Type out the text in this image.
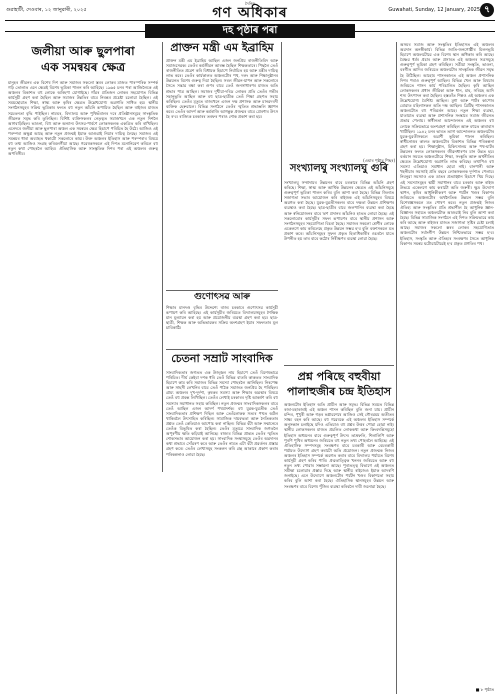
গুৱাহাটী, দেওবাৰ, ১২ জানুৱাৰী, ২০২৫
দৈনিক
গণ অধিকাৰ	Guwahati, Sunday, 12 January, 2025 ৭
দহ পৃষ্ঠাৰ পৰা
জলীয়া আৰু ছুলপাৰা
এক সমন্বয়ৰ ক্ষেত্ৰ
মানুহৰ জীৱনৰ এক বিশেষ দিশ আৰু সমাজৰ সকলো স্তৰৰ লোকৰ মাজত পাৰস্পৰিক সম্পৰ্ক গঢ়ি তোলাত এনে ক্ষেত্ৰই বিশেষ ভূমিকা পালন কৰি আহিছে। ১৯৬৫ চনৰ পৰা আজিলৈকে এই অঞ্চলৰ বিকাশত বহু লোকে অৰিহণা যোগাইছে। গাঁৱৰ প্ৰতিজন লোকৰ সহযোগত বিভিন্ন কাৰ্যসূচী গ্ৰহণ কৰা হৈছিল আৰু সমাজৰ উন্নতিৰ বাবে নিৰন্তৰ প্ৰচেষ্টা চলোৱা হৈছিল। এই সময়ছোৱাত শিক্ষা, স্বাস্থ্য আৰু কৃষিৰ ক্ষেত্ৰত উল্লেখযোগ্য অগ্ৰগতি সাধিত হয়। স্থানীয় সংগঠনসমূহৰ সক্ৰিয় ভূমিকাৰ ফলত বহু নতুন আঁচনি ৰূপায়িত হৈছিল আৰু ৰাইজৰ মাজত সচেতনতা বৃদ্ধি পাইছিল। নামঘৰ, বিদ্যালয় আৰু পুথিভঁৰালৰ দৰে প্ৰতিষ্ঠানসমূহে সাংস্কৃতিক জীৱনক সমৃদ্ধ কৰি তুলিছিল। বিশিষ্ট ব্যক্তিসকলৰ নেতৃত্বত সমাজখনে এক নতুন দিশলৈ আগবাঢ়িছিল। ভাওনা, বিহু আৰু অন্যান্য উৎসৱ-পাৰ্বণে লোকসকলক একত্ৰিত কৰি ৰাখিছিল। এনেদৰে জলীয়া আৰু ছুলপাৰা অঞ্চল এক সমন্বয়ৰ ক্ষেত্ৰ হিচাপে পৰিচিত হৈ উঠে। আজিও এই পৰম্পৰা অক্ষুণ্ণ আছে আৰু নতুন প্ৰজন্মই ইয়াক আগুৱাই নিয়াৰ দায়িত্ব লৈছে। সমাজৰ এই সমন্বয়ৰ ধাৰা অব্যাহত থকাটো সকলোৰে কাম্য। উক্ত অঞ্চলৰ ইতিহাস আৰু পৰম্পৰাৰ বিষয়ে বহু তথ্য আজিও সংগ্ৰহ কৰিবলগীয়া আছে। গৱেষকসকলে এই দিশত মনোনিৱেশ কৰিলে বহু নতুন কথা পোহৰলৈ আহিব। ঐতিহাসিক আৰু সাংস্কৃতিক দিশৰ পৰা এই অঞ্চলৰ গুৰুত্ব অপৰিসীম।
প্ৰাক্তন মন্ত্ৰী এম ইব্ৰাহিম
প্ৰাক্তন মন্ত্ৰী এম ইব্ৰাহিম আছিল এজন জনপ্ৰিয় ৰাজনীতিবিদ আৰু সমাজসেৱক। তেওঁৰ কৰ্মজীৱন আৰম্ভ হৈছিল শিক্ষকতাৰে। পিছলৈ তেওঁ ৰাজনীতিত প্ৰৱেশ কৰি বিধায়ক হিচাপে নিৰ্বাচিত হয় আৰু মন্ত্ৰীৰ দায়িত্ব লাভ কৰে। তেওঁৰ কাৰ্যকালত অঞ্চলটোৰ পথ, দলং আৰু শিক্ষানুষ্ঠানৰ উন্নয়নত বিশেষ গুৰুত্ব দিয়া হৈছিল। সৰল জীৱন-যাপন আৰু সকলোৰে সৈতে সদ্ভাৱ ৰক্ষা কৰা গুণৰ বাবে তেওঁ জনসাধাৰণৰ মাজত অতি শ্ৰদ্ধাৰ পাত্ৰ আছিল। সমাজৰ দুখীয়া-দৰিদ্ৰ লোকৰ প্ৰতি তেওঁৰ গভীৰ সহানুভূতি আছিল আৰু বহু ছাত্ৰ-ছাত্ৰীক তেওঁ শিক্ষা গ্ৰহণত সহায় কৰিছিল। তেওঁৰ মৃত্যুত ৰাজ্যখনে এজন দক্ষ প্ৰশাসক আৰু মানৱদৰদী ব্যক্তিক হেৰুৱালে। বিভিন্ন সংগঠনে তেওঁৰ স্মৃতিত শ্ৰদ্ধাঞ্জলি জ্ঞাপন কৰে। তেওঁৰ আদৰ্শ আৰু কৰ্মৰাজি আগন্তুক প্ৰজন্মৰ বাবে প্ৰেৰণাৰ উৎস হৈ ৰ'ব। ৰাজ্যিক চৰকাৰৰ তৰফৰ পৰাও শোক প্ৰকাশ কৰা হয়।
গুণোৎসৱ আৰু
শিক্ষাৰ মানদণ্ড বৃদ্ধিৰ উদ্দেশ্যে ৰাজ্য চৰকাৰে গুণোৎসৱ কাৰ্যসূচী ৰূপায়ণ কৰি আহিছে। এই কাৰ্যসূচীৰ জৰিয়তে বিদ্যালয়সমূহৰ শৈক্ষিক মান মূল্যায়ন কৰা হয় আৰু প্ৰয়োজনীয় ব্যৱস্থা গ্ৰহণ কৰা হয়। ছাত্ৰ-ছাত্ৰী, শিক্ষক আৰু অভিভাৱকৰ সক্ৰিয় অংশগ্ৰহণ ইয়াৰ সফলতাৰ মূল চাবিকাঠি।
চেতনা সম্ৰাট সাংবাদিক
সাংবাদিকতাৰ জগতত এক উজ্জ্বল নাম হিচাপে তেওঁ বিশেষভাৱে পৰিচিত। দীৰ্ঘ কেইবা দশক ধৰি তেওঁ বিভিন্ন বাতৰি কাকতত সাংবাদিক হিচাপে কাম কৰি সমাজৰ বিভিন্ন সমস্যা পোহৰলৈ আনিছিল। নিৰপেক্ষ আৰু সাহসী লেখনিৰ বাবে তেওঁ পাঠক সমাজত জনপ্ৰিয় হৈ পৰিছিল। গ্ৰাম্য অঞ্চলৰ দুখ-দুৰ্দশা, কৃষকৰ সমস্যা আৰু শিক্ষাৰ অৱস্থাৰ বিষয়ে তেওঁ বহু প্ৰবন্ধ লিখিছিল। তেওঁৰ লেখাই চৰকাৰৰ দৃষ্টি আকৰ্ষণ কৰি বহু সমস্যাৰ সমাধানত সহায় কৰিছিল। নতুন প্ৰজন্মৰ সাংবাদিকসকলৰ বাবে তেওঁ আছিল এজন আদৰ্শ পথপ্ৰদৰ্শক। বহু যুৱক-যুৱতীক তেওঁ সাংবাদিকতাৰ প্ৰশিক্ষণ দিছিল আৰু তেওঁলোকক সত্যৰ পথত অটল থাকিবলৈ উৎসাহিত কৰিছিল। সামাজিক দায়বদ্ধতা আৰু নৈতিকতাৰ প্ৰশ্নত তেওঁ কেতিয়াও আপোচ কৰা নাছিল। বিভিন্ন বঁটা আৰু সন্মানেৰে তেওঁক বিভূষিত কৰা হৈছিল। তেওঁৰ মৃত্যুৱে সাংবাদিক জগতলৈ অপূৰণীয় ক্ষতি কঢ়িয়াই আনিছে। ৰাজ্যৰ বিভিন্ন প্ৰান্তত তেওঁৰ স্মৃতিত শোকসভাৰ আয়োজন কৰা হয়। সাংবাদিক সংস্থাসমূহে তেওঁৰ অৱদানৰ কথা শ্ৰদ্ধাৰে সোঁৱৰণ কৰে আৰু তেওঁৰ নামত এটা বঁটা প্ৰৱৰ্তনৰ প্ৰস্তাৱ গ্ৰহণ কৰে। তেওঁৰ লেখাসমূহ সংকলন কৰি গ্ৰন্থ আকাৰে প্ৰকাশ কৰাৰ পৰিকল্পনাও লোৱা হৈছে।
(এঘাৰ পৃষ্ঠাৰ পিছৰ)
সংখ্যালঘু সংখ্যালঘু গুৰি
সংখ্যালঘু সম্প্ৰদায়ৰ উন্নয়নৰ বাবে চৰকাৰে বিভিন্ন আঁচনি গ্ৰহণ কৰিছে। শিক্ষা, স্বাস্থ্য আৰু আৰ্থিক উন্নয়নৰ ক্ষেত্ৰত এই আঁচনিসমূহে গুৰুত্বপূৰ্ণ ভূমিকা পালন কৰিব বুলি আশা কৰা হৈছে। বিভিন্ন জিলাত সজাগতা সভাৰ আয়োজন কৰি ৰাইজক এই আঁচনিসমূহৰ বিষয়ে অৱগত কৰা হৈছে। যুৱক-যুৱতীসকলৰ বাবে দক্ষতা উন্নয়ন প্ৰশিক্ষণৰ ব্যৱস্থাও কৰা হৈছে। ছাত্ৰ-ছাত্ৰীৰ বাবে জলপানিৰ ব্যৱস্থা কৰা হৈছে আৰু স্বনিয়োজনৰ বাবে ঋণ প্ৰদানৰ আঁচনিও হাতত লোৱা হৈছে। এই সকলোবোৰ কাৰ্যসূচীৰ সফল ৰূপায়ণৰ বাবে স্থানীয় প্ৰশাসন আৰু সংগঠনসমূহৰ সহযোগিতা বিচৰা হৈছে। সমাজৰ সকলো শ্ৰেণীৰ লোকে একেলগে কাম কৰিলেহে প্ৰকৃত উন্নয়ন সম্ভৱ হ'ব বুলি বক্তাসকলে মত প্ৰকাশ কৰে। আঁচনিসমূহৰ সুফল প্ৰকৃত হিতাধিকাৰীৰ ওচৰলৈ যাতে উপনীত হয় তাৰ বাবে কঠোৰ নিৰীক্ষণৰ ব্যৱস্থা লোৱা হৈছে।
প্ৰশ্ন পৰিছে বহুবীয়া
পালাহুজীৰ চন্দ্ৰ ইতিহাস
অঞ্চলটোৰ ইতিহাস অতি প্ৰাচীন আৰু সমৃদ্ধ। বিভিন্ন সময়ত বিভিন্ন ৰজা-মহাৰজাই এই অঞ্চল শাসন কৰিছিল বুলি জনা যায়। প্ৰাচীন মন্দিৰ, পুখুৰী আৰু গড়ৰ ভগ্নাৱশেষে আজিও সেই গৌৰৱময় অতীতৰ সাক্ষ্য বহন কৰি আছে। বহু গৱেষকে এই অঞ্চলৰ ইতিহাস সম্পৰ্কে অনুসন্ধান চলাইছে যদিও এতিয়াও বহু প্ৰশ্নৰ উত্তৰ পোৱা হোৱা নাই। স্থানীয় লোকসকলৰ মাজত প্ৰচলিত লোককথা আৰু কিংবদন্তিসমূহো ইতিহাস অধ্যয়নৰ বাবে গুৰুত্বপূৰ্ণ উৎস। তাম্ৰফলি, শিলালিপি আৰু পুৰণি পুথিৰ অধ্যয়নৰ জৰিয়তে বহু নতুন তথ্য পোহৰলৈ আহিছে। এই ঐতিহাসিক সম্পদসমূহ সংৰক্ষণৰ বাবে চৰকাৰী আৰু বেচৰকাৰী পৰ্যায়ত উদ্যোগ গ্ৰহণ কৰাটো অতি প্ৰয়োজন। নতুন প্ৰজন্মক নিজৰ অঞ্চলৰ ইতিহাস সম্পৰ্কে অৱগত কৰাৰ বাবে বিদ্যালয় পৰ্যায়ত বিশেষ কাৰ্যসূচী গ্ৰহণ কৰিব পাৰি। প্ৰত্নতাত্ত্বিক খননৰ জৰিয়তে আৰু বহু নতুন তথ্য পোৱাৰ সম্ভাৱনা আছে। পুৰাতত্ত্ব বিভাগে এই অঞ্চলত সমীক্ষা চলোৱাৰ প্ৰস্তাৱ দিছে আৰু স্থানীয় ৰাইজেও ইয়াক আদৰণি জনাইছে। এনে উদ্যোগে অঞ্চলটোৰ পৰ্যটন খণ্ডৰ বিকাশতো সহায় কৰিব বুলি আশা কৰা হৈছে। ঐতিহাসিক স্থানসমূহৰ উন্নয়ন আৰু সংৰক্ষণৰ বাবে বিশেষ পুঁজিৰ ব্যৱস্থা কৰিবলৈ দাবী জনোৱা হৈছে।
অসমৰ সমাজ আৰু সংস্কৃতিৰ ইতিহাসত এই অঞ্চলৰ অৱদান অনস্বীকাৰ্য। বিভিন্ন জাতি-জনগোষ্ঠীৰ মিলনভূমি হিচাপে অঞ্চলটোৱে এক বিশেষ স্থান অধিকাৰ কৰি আছে। বৈষ্ণৱ ধৰ্মৰ প্ৰচাৰ আৰু প্ৰসাৰত এই অঞ্চলৰ সত্ৰসমূহে গুৰুত্বপূৰ্ণ ভূমিকা গ্ৰহণ কৰিছিল। সত্ৰীয়া সংস্কৃতি, ভাওনা, বৰগীত আদিৰ জৰিয়তে অঞ্চলটোৰ সাংস্কৃতিক জীৱন সমৃদ্ধ হৈ উঠিছিল। আহোম শাসনকালত এই অঞ্চল প্ৰশাসনিক দিশৰ পৰাও গুৰুত্বপূৰ্ণ আছিল। বিভিন্ন খেল আৰু বিষয়াৰ জৰিয়তে শাসন কাৰ্য পৰিচালিত হৈছিল। কৃষি আছিল লোকসকলৰ প্ৰধান জীৱিকা আৰু ধান, মাহ, সৰিয়হ আদি শস্য উৎপাদন কৰা হৈছিল। হস্ততাঁত শিল্পও এই অঞ্চলৰ এক উল্লেখযোগ্য বৈশিষ্ট্য আছিল। মুগা আৰু পাটৰ কাপোৰ বোৱাত মহিলাসকল অতি দক্ষ আছিল। ব্ৰিটিছ শাসনকালত অঞ্চলটোত বহু পৰিৱৰ্তন আহে। নতুন শিক্ষা ব্যৱস্থা, যাতায়াত ব্যৱস্থা আৰু প্ৰশাসনিক সংস্কাৰে সমাজ জীৱনত প্ৰভাৱ পেলায়। স্বাধীনতা আন্দোলনত এই অঞ্চলৰ বহু লোকে সক্ৰিয়ভাৱে অংশগ্ৰহণ কৰিছিল আৰু বহুতে কাৰাবাস খাটিছিল। ১৯৪২ চনৰ ভাৰত ত্যাগ আন্দোলনত অঞ্চলটোৰ যুৱক-যুৱতীসকলে অগ্ৰণী ভূমিকা পালন কৰিছিল। স্বাধীনোত্তৰ কালত অঞ্চলটোৰ বিকাশত বিভিন্ন পৰিকল্পনা গ্ৰহণ কৰা হয়। শিক্ষানুষ্ঠান, চিকিৎসালয় আৰু পথ-ঘাটৰ উন্নয়নৰ ফলত লোকসকলৰ জীৱনধাৰণৰ মান উন্নত হয়। বৰ্তমান সময়ত অঞ্চলটোৱে শিক্ষা, সংস্কৃতি আৰু অৰ্থনীতিৰ ক্ষেত্ৰত উল্লেখযোগ্য অগ্ৰগতি লাভ কৰিছে। তথাপিও বহু সমস্যা এতিয়াও সমাধান হোৱা নাই। বানপানী আৰু খহনীয়াৰ সমস্যাই প্ৰতি বছৰে লোকসকলক দুৰ্দশাত পেলায়। নিবনুৱা সমস্যাও এক ডাঙৰ প্ৰত্যাহ্বান হিচাপে থিয় দিছে। এই সমস্যাসমূহৰ স্থায়ী সমাধানৰ বাবে চৰকাৰ আৰু ৰাইজ উভয়ে একেলগে কাম কৰাটো অতি জৰুৰী। ক্ষুদ্ৰ উদ্যোগ স্থাপন, কৃষিৰ আধুনিকীকৰণ আৰু পৰ্যটন খণ্ডৰ বিকাশৰ জৰিয়তে অঞ্চলটোৰ অৰ্থনৈতিক উন্নয়ন সম্ভৱ বুলি বিশেষজ্ঞসকলে মত পোষণ কৰে। নতুন প্ৰজন্মই নিজৰ ঐতিহ্য আৰু সংস্কৃতিৰ প্ৰতি শ্ৰদ্ধাশীল হৈ আধুনিক জ্ঞান-বিজ্ঞানৰ সহায়ত অঞ্চলটোক আগুৱাই নিব বুলি আশা কৰা হৈছে। বিভিন্ন সামাজিক সংগঠনে এই দিশত সক্ৰিয়ভাৱে কাম কৰি আছে আৰু ৰাইজৰ মাজত সজাগতা সৃষ্টিৰ চেষ্টা চলাই আছে। সমাজৰ সকলো স্তৰৰ লোকৰ সহযোগিতাত অঞ্চলটোৰ সৰ্বাংগীণ উন্নয়ন নিশ্চিতভাৱে সম্ভৱ হ'ব। ইতিহাস, সংস্কৃতি আৰু ঐতিহ্যৰ সংৰক্ষণৰ সৈতে আধুনিক বিকাশৰ সমন্বয় ঘটোৱাটোৱেই হ'ব প্ৰকৃত প্ৰগতিৰ পথ।
■ ৮ পৃষ্ঠাত
